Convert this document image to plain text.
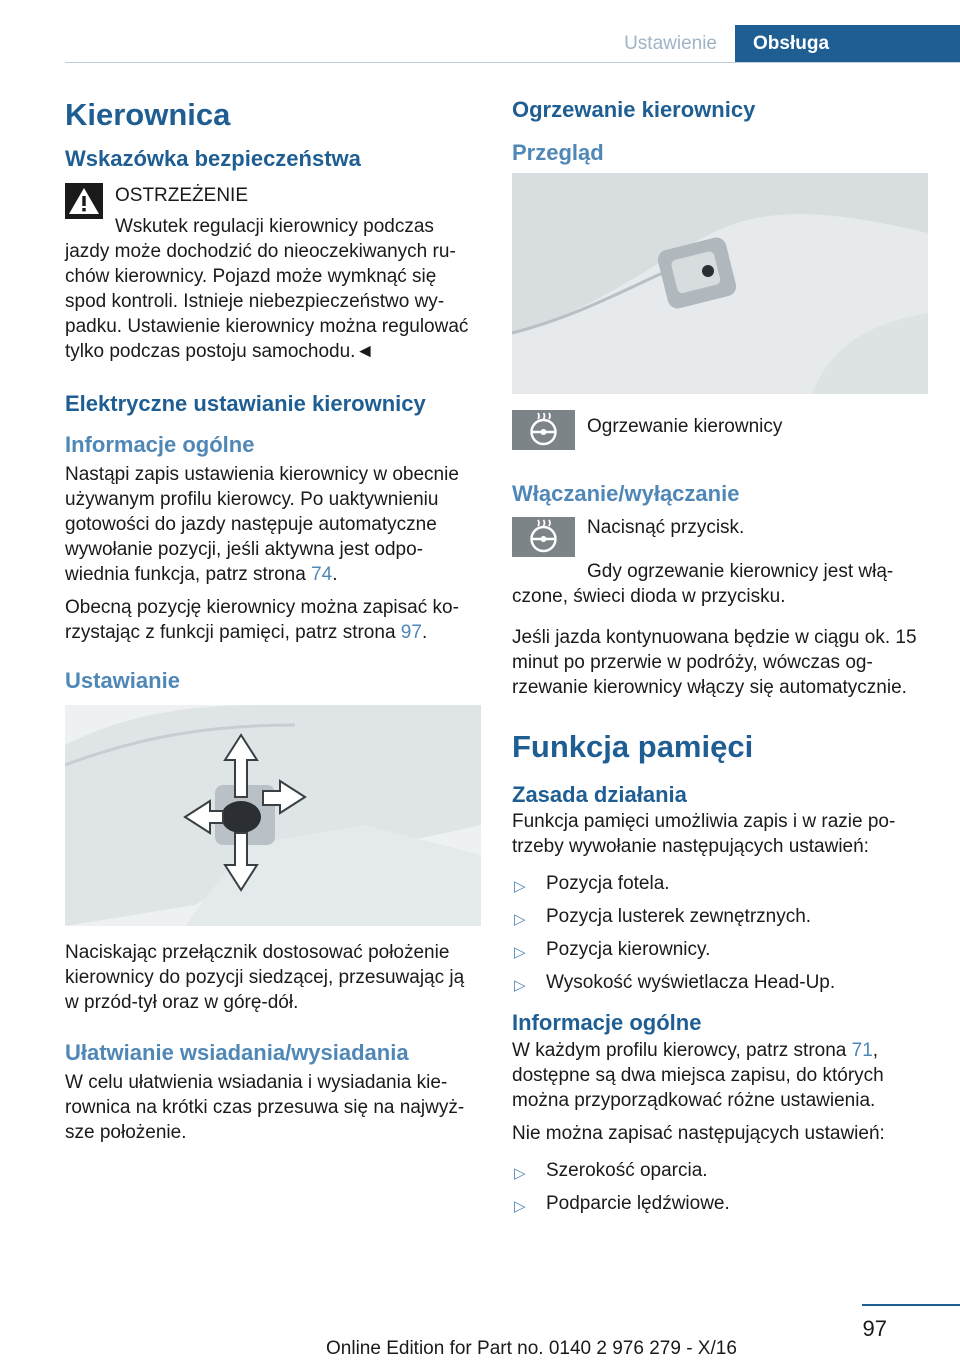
Ustawienie	Obsługa
Kierownica
Wskazówka bezpieczeństwa

OSTRZEŻENIE

Wskutek regulacji kierownicy podczas jazdy może dochodzić do nieoczekiwanych ruchów kierownicy. Pojazd może wymknąć się spod kontroli. Istnieje niebezpieczeństwo wypadku. Ustawienie kierownicy można regulować tylko podczas postoju samochodu.◄

Elektryczne ustawianie kierownicy
Informacje ogólne

Nastąpi zapis ustawienia kierownicy w obecnie używanym profilu kierowcy. Po uaktywnieniu gotowości do jazdy następuje automatyczne wywołanie pozycji, jeśli aktywna jest odpowiednia funkcja, patrz strona 74.

Obecną pozycję kierownicy można zapisać korzystając z funkcji pamięci, patrz strona 97.

Ustawianie

Naciskając przełącznik dostosować położenie kierownicy do pozycji siedzącej, przesuwając ją w przód-tył oraz w górę-dół.

Ułatwianie wsiadania/wysiadania

W celu ułatwienia wsiadania i wysiadania kierownica na krótki czas przesuwa się na najwyższe położenie.

Ogrzewanie kierownicy
Przegląd

Ogrzewanie kierownicy

Włączanie/wyłączanie

Nacisnąć przycisk.

Gdy ogrzewanie kierownicy jest włączone, świeci dioda w przycisku.

Jeśli jazda kontynuowana będzie w ciągu ok. 15 minut po przerwie w podróży, wówczas ogrzewanie kierownicy włączy się automatycznie.

Funkcja pamięci
Zasada działania

Funkcja pamięci umożliwia zapis i w razie potrzeby wywołanie następujących ustawień:

▷ Pozycja fotela.
▷ Pozycja lusterek zewnętrznych.
▷ Pozycja kierownicy.
▷ Wysokość wyświetlacza Head-Up.
Informacje ogólne

W każdym profilu kierowcy, patrz strona 71, dostępne są dwa miejsca zapisu, do których można przyporządkować różne ustawienia.

Nie można zapisać następujących ustawień:

▷ Szerokość oparcia.
▷ Podparcie lędźwiowe.
97
Online Edition for Part no. 0140 2 976 279 - X/16
